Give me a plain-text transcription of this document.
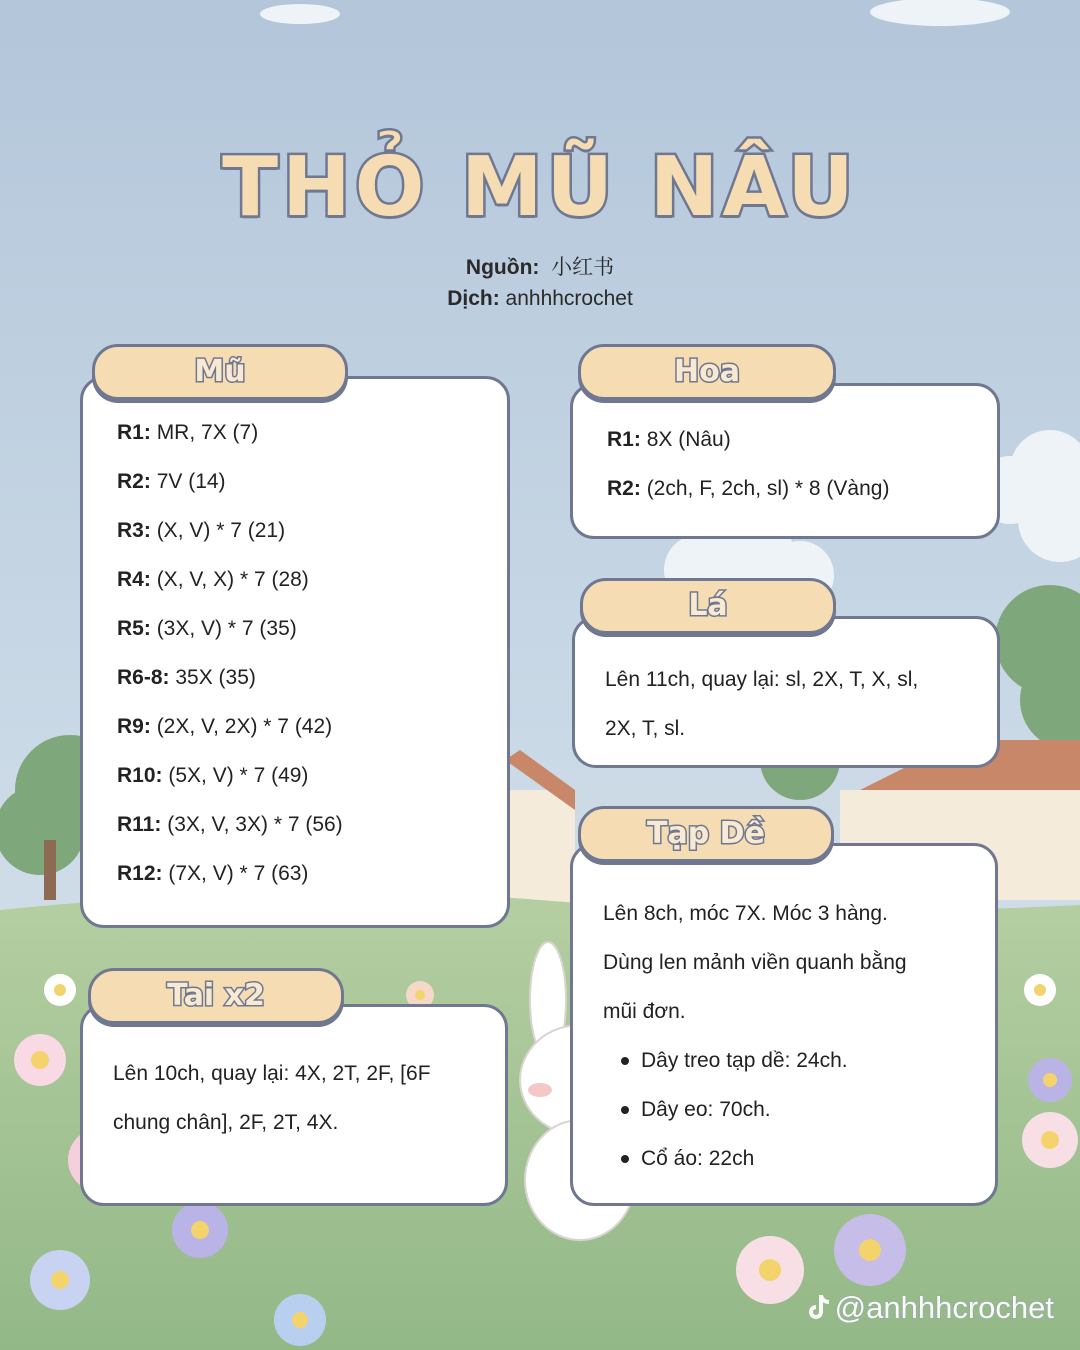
THỎ MŨ NÂU
Nguồn: 小红书
Dịch: anhhhcrochet
R1: MR, 7X (7)
R2: 7V (14)
R3: (X, V) * 7 (21)
R4: (X, V, X) * 7 (28)
R5: (3X, V) * 7 (35)
R6-8: 35X (35)
R9: (2X, V, 2X) * 7 (42)
R10: (5X, V) * 7 (49)
R11: (3X, V, 3X) * 7 (56)
R12: (7X, V) * 7 (63)
Mũ
R1: 8X (Nâu)
R2: (2ch, F, 2ch, sl) * 8 (Vàng)
Hoa
Lên 11ch, quay lại: sl, 2X, T, X, sl,
2X, T, sl.
Lá
Lên 10ch, quay lại: 4X, 2T, 2F, [6F
chung chân], 2F, 2T, 4X.
Tai x2
Lên 8ch, móc 7X. Móc 3 hàng.
Dùng len mảnh viền quanh bằng
mũi đơn.
Dây treo tạp dề: 24ch.
Dây eo: 70ch.
Cổ áo: 22ch
Tạp Dề
@anhhhcrochet
